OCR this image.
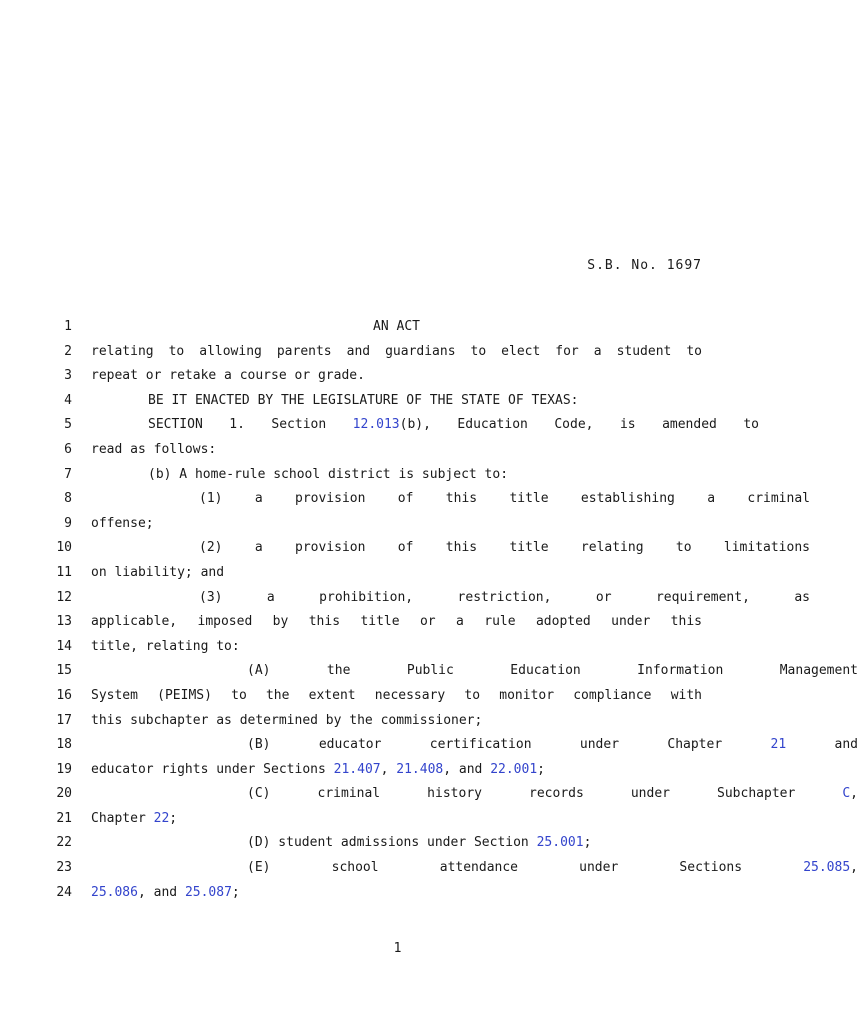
S.B. No. 1697
1	AN ACT
2 relating to allowing parents and guardians to elect for a student to
3 repeat or retake a course or grade.
4	BE IT ENACTED BY THE LEGISLATURE OF THE STATE OF TEXAS:
5	SECTION 1. Section 12.013(b), Education Code, is amended to
6 read as follows:
7	(b) A home-rule school district is subject to:
8	(1) a provision of this title establishing a criminal
9 offense;
10	(2) a provision of this title relating to limitations
11 on liability; and
12	(3) a prohibition, restriction, or requirement, as
13 applicable, imposed by this title or a rule adopted under this
14 title, relating to:
15	(A) the Public Education Information Management
16 System (PEIMS) to the extent necessary to monitor compliance with
17 this subchapter as determined by the commissioner;
18	(B) educator certification under Chapter 21 and
19 educator rights under Sections 21.407, 21.408, and 22.001;
20	(C) criminal history records under Subchapter C,
21 Chapter 22;
22	(D) student admissions under Section 25.001;
23	(E) school attendance under Sections 25.085,
24 25.086, and 25.087;
1
